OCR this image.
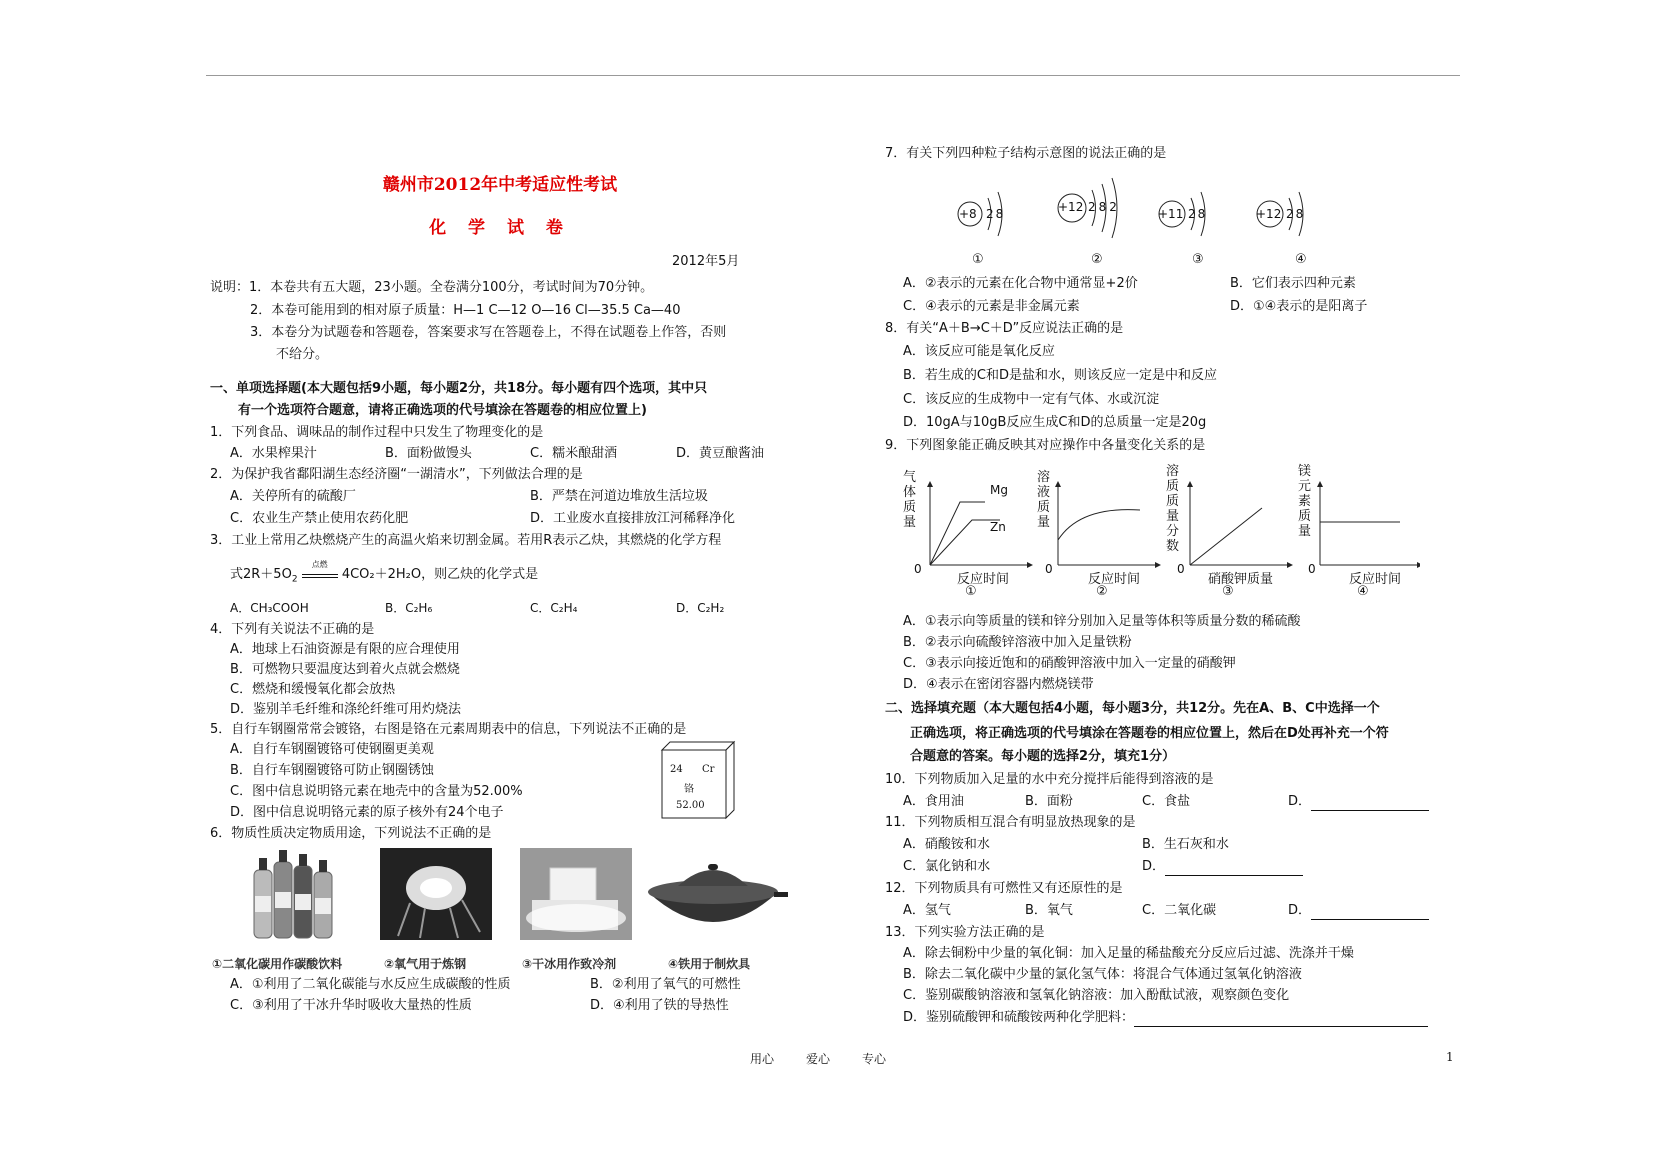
赣州市2012年中考适应性考试
化 学 试 卷
2012年5月
说明：1．本卷共有五大题，23小题。全卷满分100分，考试时间为70分钟。
2．本卷可能用到的相对原子质量：H—1 C—12 O—16 Cl—35.5 Ca—40
3．本卷分为试题卷和答题卷，答案要求写在答题卷上，不得在试题卷上作答，否则
不给分。
一、单项选择题(本大题包括9小题，每小题2分，共18分。每小题有四个选项，其中只
有一个选项符合题意，请将正确选项的代号填涂在答题卷的相应位置上)
1．下列食品、调味品的制作过程中只发生了物理变化的是
A．水果榨果汁	B．面粉做馒头	C．糯米酿甜酒	D．黄豆酿酱油
2．为保护我省鄱阳湖生态经济圈“一湖清水”，下列做法合理的是
A．关停所有的硫酸厂	B．严禁在河道边堆放生活垃圾
C．农业生产禁止使用农药化肥	D．工业废水直接排放江河稀释净化
3．工业上常用乙炔燃烧产生的高温火焰来切割金属。若用R表示乙炔，其燃烧的化学方程
式$2R+5O_2$
点燃
4CO₂＋2H₂O，则乙炔的化学式是
A．CH₃COOH	B．C₂H₆	C．C₂H₄	D．C₂H₂
4．下列有关说法不正确的是
A．地球上石油资源是有限的应合理使用
B．可燃物只要温度达到着火点就会燃烧
C．燃烧和缓慢氧化都会放热
D．鉴别羊毛纤维和涤纶纤维可用灼烧法
5．自行车钢圈常常会镀铬，右图是铬在元素周期表中的信息，下列说法不正确的是
A．自行车钢圈镀铬可使钢圈更美观
B．自行车钢圈镀铬可防止钢圈锈蚀
C．图中信息说明铬元素在地壳中的含量为52.00%
D．图中信息说明铬元素的原子核外有24个电子
24 Cr
铬
52.00
6．物质性质决定物质用途，下列说法不正确的是
①二氧化碳用作碳酸饮料	②氧气用于炼钢	③干冰用作致冷剂	④铁用于制炊具
A．①利用了二氧化碳能与水反应生成碳酸的性质	B．②利用了氧气的可燃性
C．③利用了干冰升华时吸收大量热的性质	D．④利用了铁的导热性
7．有关下列四种粒子结构示意图的说法正确的是
+8 28	+12 282	+11 28	+12 28
①	②	③	④
A．②表示的元素在化合物中通常显+2价	B．它们表示四种元素
C．④表示的元素是非金属元素	D．①④表示的是阳离子
8．有关“A＋B→C＋D”反应说法正确的是
A．该反应可能是氧化反应
B．若生成的C和D是盐和水，则该反应一定是中和反应
C．该反应的生成物中一定有气体、水或沉淀
D．10gA与10gB反应生成C和D的总质量一定是20g
9．下列图象能正确反映其对应操作中各量变化关系的是
气体质量
Mg
Zn
0
反应时间
①
溶液质量
0
反应时间
②
溶质质量分数
0
硝酸钾质量
③
镁元素质量
0
反应时间
④
A．①表示向等质量的镁和锌分别加入足量等体积等质量分数的稀硫酸
B．②表示向硫酸锌溶液中加入足量铁粉
C．③表示向接近饱和的硝酸钾溶液中加入一定量的硝酸钾
D．④表示在密闭容器内燃烧镁带
二、选择填充题（本大题包括4小题，每小题3分，共12分。先在A、B、C中选择一个
正确选项，将正确选项的代号填涂在答题卷的相应位置上，然后在D处再补充一个符
合题意的答案。每小题的选择2分，填充1分）
10．下列物质加入足量的水中充分搅拌后能得到溶液的是
A．食用油	B．面粉	C．食盐	D．
11．下列物质相互混合有明显放热现象的是
A．硝酸铵和水	B．生石灰和水
C．氯化钠和水	D．
12．下列物质具有可燃性又有还原性的是
A．氢气	B．氧气	C．二氧化碳	D．
13．下列实验方法正确的是
A．除去铜粉中少量的氧化铜：加入足量的稀盐酸充分反应后过滤、洗涤并干燥
B．除去二氧化碳中少量的氯化氢气体：将混合气体通过氢氧化钠溶液
C．鉴别碳酸钠溶液和氢氧化钠溶液：加入酚酞试液，观察颜色变化
D．鉴别硫酸钾和硫酸铵两种化学肥料：
用心	爱心	专心	1
